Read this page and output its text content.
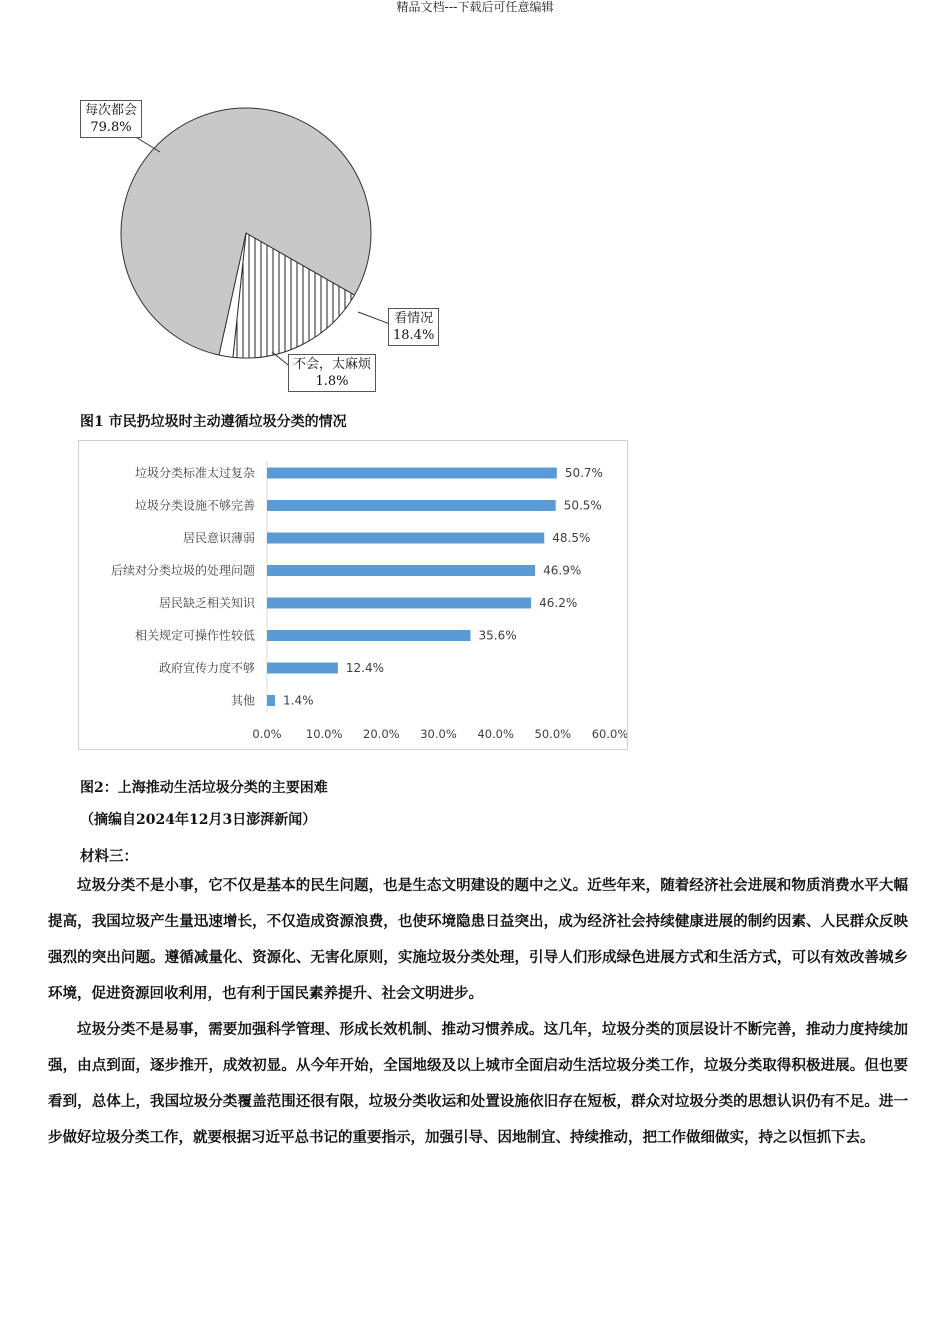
精品文档---下载后可任意编辑
每次都会
79.8%
看情况
18.4%
不会，太麻烦
1.8%
图1 市民扔垃圾时主动遵循垃圾分类的情况
垃圾分类标准太过复杂	50.7%
垃圾分类设施不够完善	50.5%
居民意识薄弱	48.5%
后续对分类垃圾的处理问题	46.9%
居民缺乏相关知识	46.2%
相关规定可操作性较低	35.6%
政府宣传力度不够	12.4%
其他 1.4%
0.0% 10.0% 20.0% 30.0% 40.0% 50.0% 60.0%
图2：上海推动生活垃圾分类的主要困难
（摘编自2024年12月3日澎湃新闻）
材料三：

垃圾分类不是小事，它不仅是基本的民生问题，也是生态文明建设的题中之义。近些年来，随着经济社会进展和物质消费水平大幅提高，我国垃圾产生量迅速增长，不仅造成资源浪费，也使环境隐患日益突出，成为经济社会持续健康进展的制约因素、人民群众反映强烈的突出问题。遵循减量化、资源化、无害化原则，实施垃圾分类处理，引导人们形成绿色进展方式和生活方式，可以有效改善城乡环境，促进资源回收利用，也有利于国民素养提升、社会文明进步。

垃圾分类不是易事，需要加强科学管理、形成长效机制、推动习惯养成。这几年，垃圾分类的顶层设计不断完善，推动力度持续加强，由点到面，逐步推开，成效初显。从今年开始，全国地级及以上城市全面启动生活垃圾分类工作，垃圾分类取得积极进展。但也要看到，总体上，我国垃圾分类覆盖范围还很有限，垃圾分类收运和处置设施依旧存在短板，群众对垃圾分类的思想认识仍有不足。进一步做好垃圾分类工作，就要根据习近平总书记的重要指示，加强引导、因地制宜、持续推动，把工作做细做实，持之以恒抓下去。
